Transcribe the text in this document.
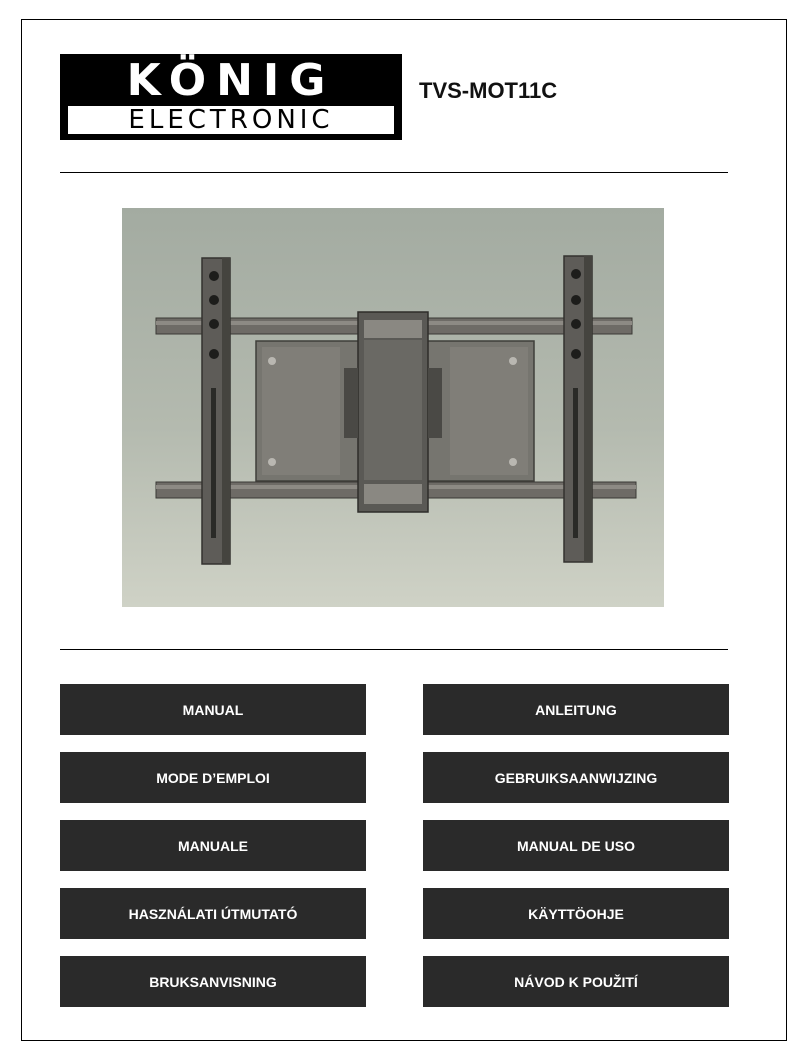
KÖNIG
ELECTRONIC
TVS-MOT11C
MANUAL	ANLEITUNG
MODE D’EMPLOI	GEBRUIKSAANWIJZING
MANUALE	MANUAL DE USO
HASZNÁLATI ÚTMUTATÓ	KÄYTTÖOHJE
BRUKSANVISNING	NÁVOD K POUŽITÍ
